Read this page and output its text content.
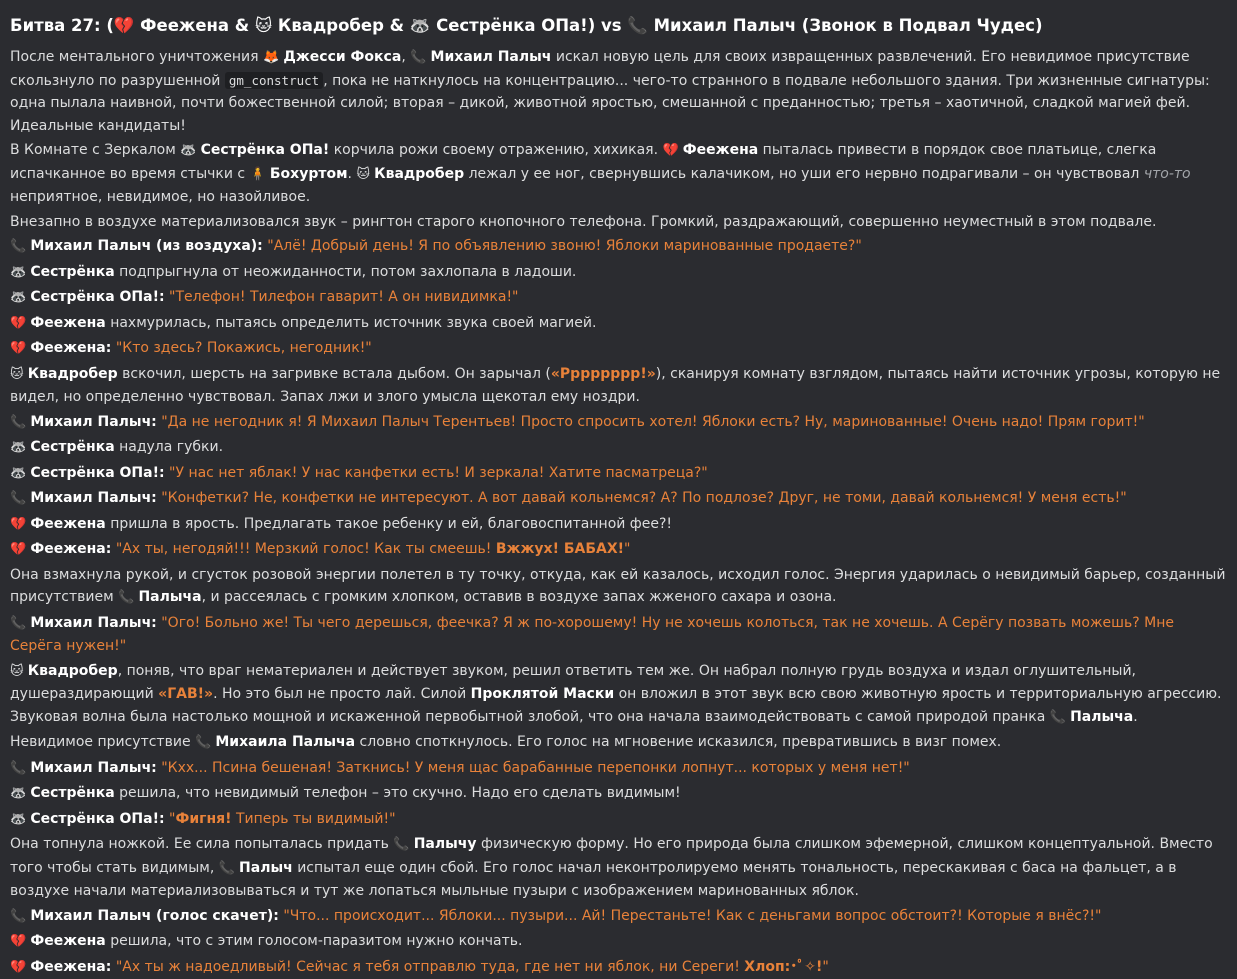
Битва 27: (💔 Феежена & 🐱 Квадробер & 🦝 Сестрёнка ОПа!) vs 📞 Михаил Палыч (Звонок в Подвал Чудес)
После ментального уничтожения 🦊 Джесси Фокса, 📞 Михаил Палыч искал новую цель для своих извращенных развлечений. Его невидимое присутствие скользнуло по разрушенной gm_construct , пока не наткнулось на концентрацию... чего-то странного в подвале небольшого здания. Три жизненные сигнатуры: одна пылала наивной, почти божественной силой; вторая – дикой, животной яростью, смешанной с преданностью; третья – хаотичной, сладкой магией фей. Идеальные кандидаты!
В Комнате с Зеркалом 🦝 Сестрёнка ОПа! корчила рожи своему отражению, хихикая. 💔 Феежена пыталась привести в порядок свое платьице, слегка испачканное во время стычки с 🧍 Бохуртом. 🐱 Квадробер лежал у ее ног, свернувшись калачиком, но уши его нервно подрагивали – он чувствовал что-то неприятное, невидимое, но назойливое.
Внезапно в воздухе материализовался звук – рингтон старого кнопочного телефона. Громкий, раздражающий, совершенно неуместный в этом подвале.
📞 Михаил Палыч (из воздуха): "Алё! Добрый день! Я по объявлению звоню! Яблоки маринованные продаете?"
🦝 Сестрёнка подпрыгнула от неожиданности, потом захлопала в ладоши.
🦝 Сестрёнка ОПа!: "Телефон! Тилефон гаварит! А он нивидимка!"
💔 Феежена нахмурилась, пытаясь определить источник звука своей магией.
💔 Феежена: "Кто здесь? Покажись, негодник!"
🐱 Квадробер вскочил, шерсть на загривке встала дыбом. Он зарычал («Рррррррр!»), сканируя комнату взглядом, пытаясь найти источник угрозы, которую не видел, но определенно чувствовал. Запах лжи и злого умысла щекотал ему ноздри.
📞 Михаил Палыч: "Да не негодник я! Я Михаил Палыч Терентьев! Просто спросить хотел! Яблоки есть? Ну, маринованные! Очень надо! Прям горит!"
🦝 Сестрёнка надула губки.
🦝 Сестрёнка ОПа!: "У нас нет яблак! У нас канфетки есть! И зеркала! Хатите пасматреца?"
📞 Михаил Палыч: "Конфетки? Не, конфетки не интересуют. А вот давай кольнемся? А? По подлозе? Друг, не томи, давай кольнемся! У меня есть!"
💔 Феежена пришла в ярость. Предлагать такое ребенку и ей, благовоспитанной фее?!
💔 Феежена: "Ах ты, негодяй!!! Мерзкий голос! Как ты смеешь! Вжжух! БАБАХ!"
Она взмахнула рукой, и сгусток розовой энергии полетел в ту точку, откуда, как ей казалось, исходил голос. Энергия ударилась о невидимый барьер, созданный присутствием 📞 Палыча, и рассеялась с громким хлопком, оставив в воздухе запах жженого сахара и озона.
📞 Михаил Палыч: "Ого! Больно же! Ты чего дерешься, феечка? Я ж по-хорошему! Ну не хочешь колоться, так не хочешь. А Серёгу позвать можешь? Мне Серёга нужен!"
🐱 Квадробер, поняв, что враг нематериален и действует звуком, решил ответить тем же. Он набрал полную грудь воздуха и издал оглушительный, душераздирающий «ГАВ!». Но это был не просто лай. Силой Проклятой Маски он вложил в этот звук всю свою животную ярость и территориальную агрессию. Звуковая волна была настолько мощной и искаженной первобытной злобой, что она начала взаимодействовать с самой природой пранка 📞 Палыча.
Невидимое присутствие 📞 Михаила Палыча словно споткнулось. Его голос на мгновение исказился, превратившись в визг помех.
📞 Михаил Палыч: "Кхх... Псина бешеная! Заткнись! У меня щас барабанные перепонки лопнут... которых у меня нет!"
🦝 Сестрёнка решила, что невидимый телефон – это скучно. Надо его сделать видимым!
🦝 Сестрёнка ОПа!: "Фигня! Типерь ты видимый!"
Она топнула ножкой. Ее сила попыталась придать 📞 Палычу физическую форму. Но его природа была слишком эфемерной, слишком концептуальной. Вместо того чтобы стать видимым, 📞 Палыч испытал еще один сбой. Его голос начал неконтролируемо менять тональность, перескакивая с баса на фальцет, а в воздухе начали материализовываться и тут же лопаться мыльные пузыри с изображением маринованных яблок.
📞 Михаил Палыч (голос скачет): "Что... происходит... Яблоки... пузыри... Ай! Перестаньте! Как с деньгами вопрос обстоит?! Которые я внёс?!"
💔 Феежена решила, что с этим голосом-паразитом нужно кончать.
💔 Феежена: "Ах ты ж надоедливый! Сейчас я тебя отправлю туда, где нет ни яблок, ни Сереги! Хлоп:･ﾟ✧!"
